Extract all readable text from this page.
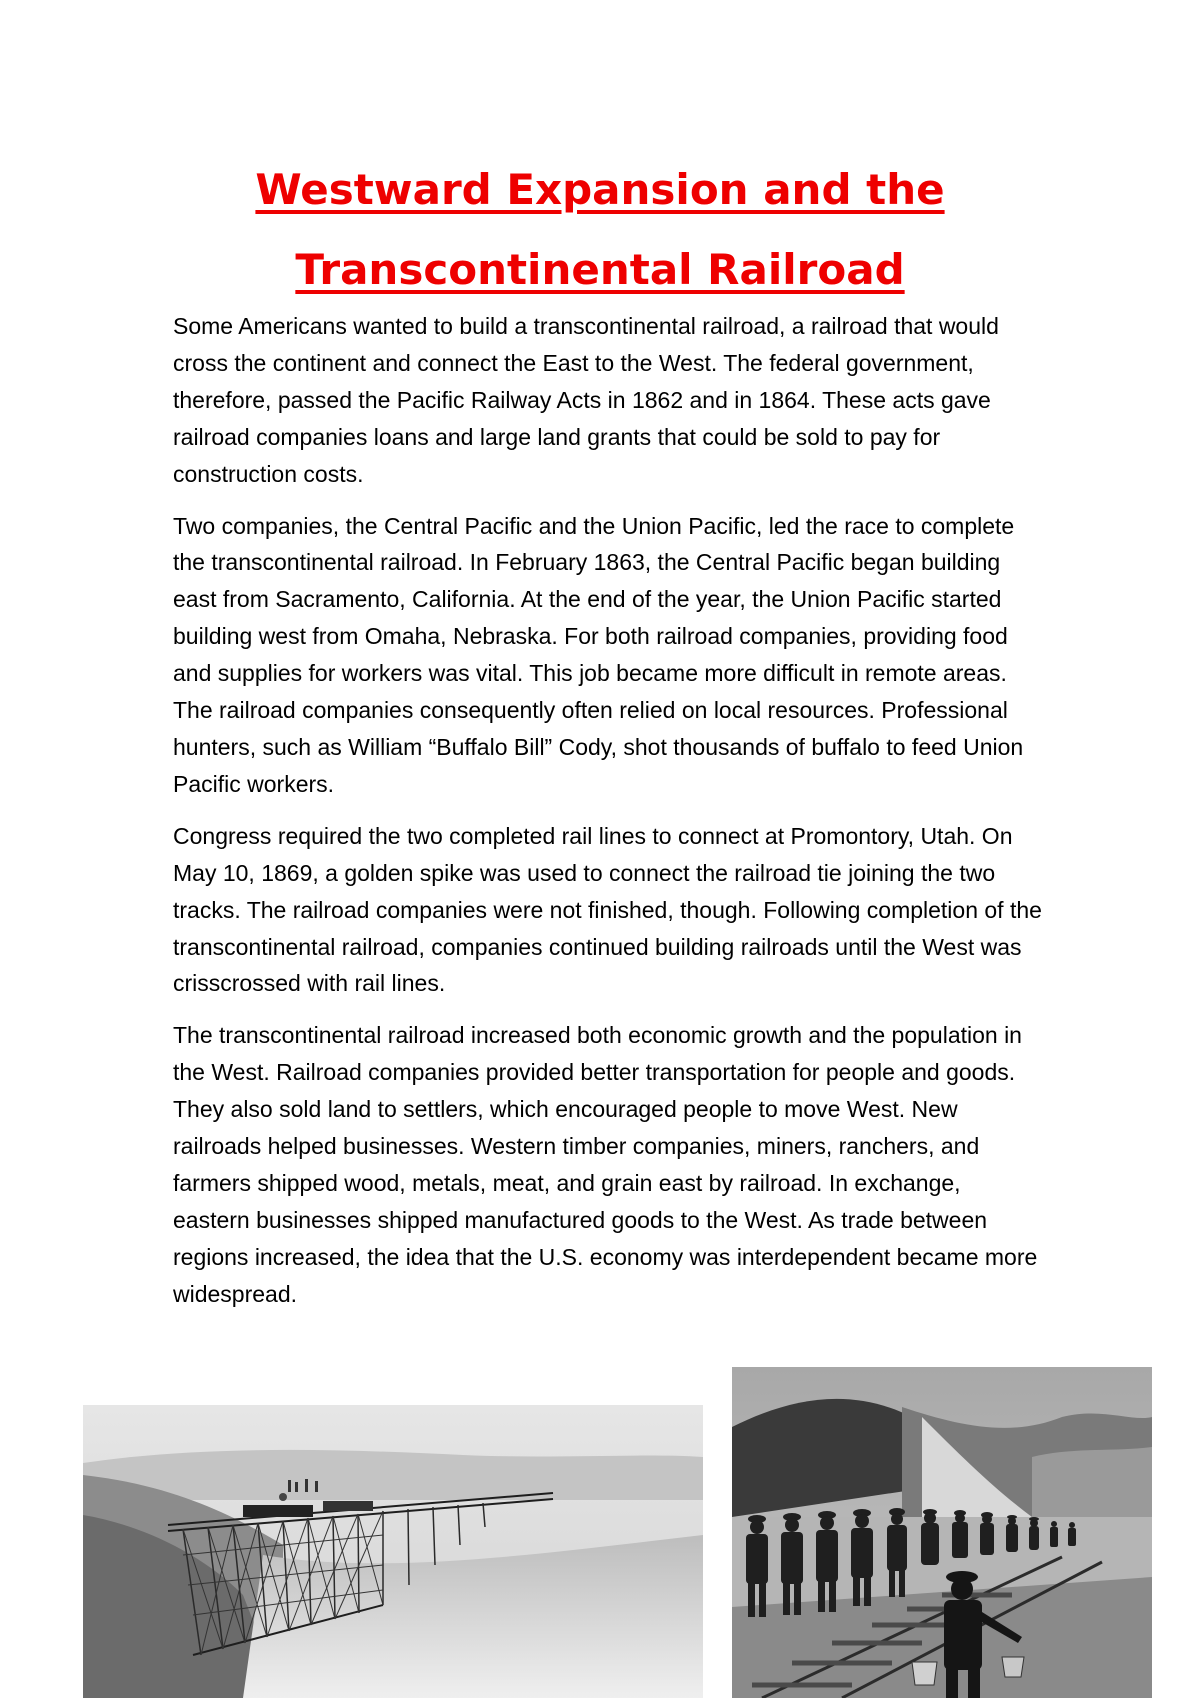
Westward Expansion and the
Transcontinental Railroad

Some Americans wanted to build a transcontinental railroad, a railroad that would cross the continent and connect the East to the West. The federal government, therefore, passed the Pacific Railway Acts in 1862 and in 1864. These acts gave railroad companies loans and large land grants that could be sold to pay for construction costs.

Two companies, the Central Pacific and the Union Pacific, led the race to complete the transcontinental railroad. In February 1863, the Central Pacific began building east from Sacramento, California. At the end of the year, the Union Pacific started building west from Omaha, Nebraska. For both railroad companies, providing food and supplies for workers was vital. This job became more difficult in remote areas. The railroad companies consequently often relied on local resources. Professional hunters, such as William “Buffalo Bill” Cody, shot thousands of buffalo to feed Union Pacific workers.

Congress required the two completed rail lines to connect at Promontory, Utah. On May 10, 1869, a golden spike was used to connect the railroad tie joining the two tracks. The railroad companies were not finished, though. Following completion of the transcontinental railroad, companies continued building railroads until the West was crisscrossed with rail lines.

The transcontinental railroad increased both economic growth and the population in the West. Railroad companies provided better transportation for people and goods. They also sold land to settlers, which encouraged people to move West. New railroads helped businesses. Western timber companies, miners, ranchers, and farmers shipped wood, metals, meat, and grain east by railroad. In exchange, eastern businesses shipped manufactured goods to the West. As trade between regions increased, the idea that the U.S. economy was interdependent became more widespread.
